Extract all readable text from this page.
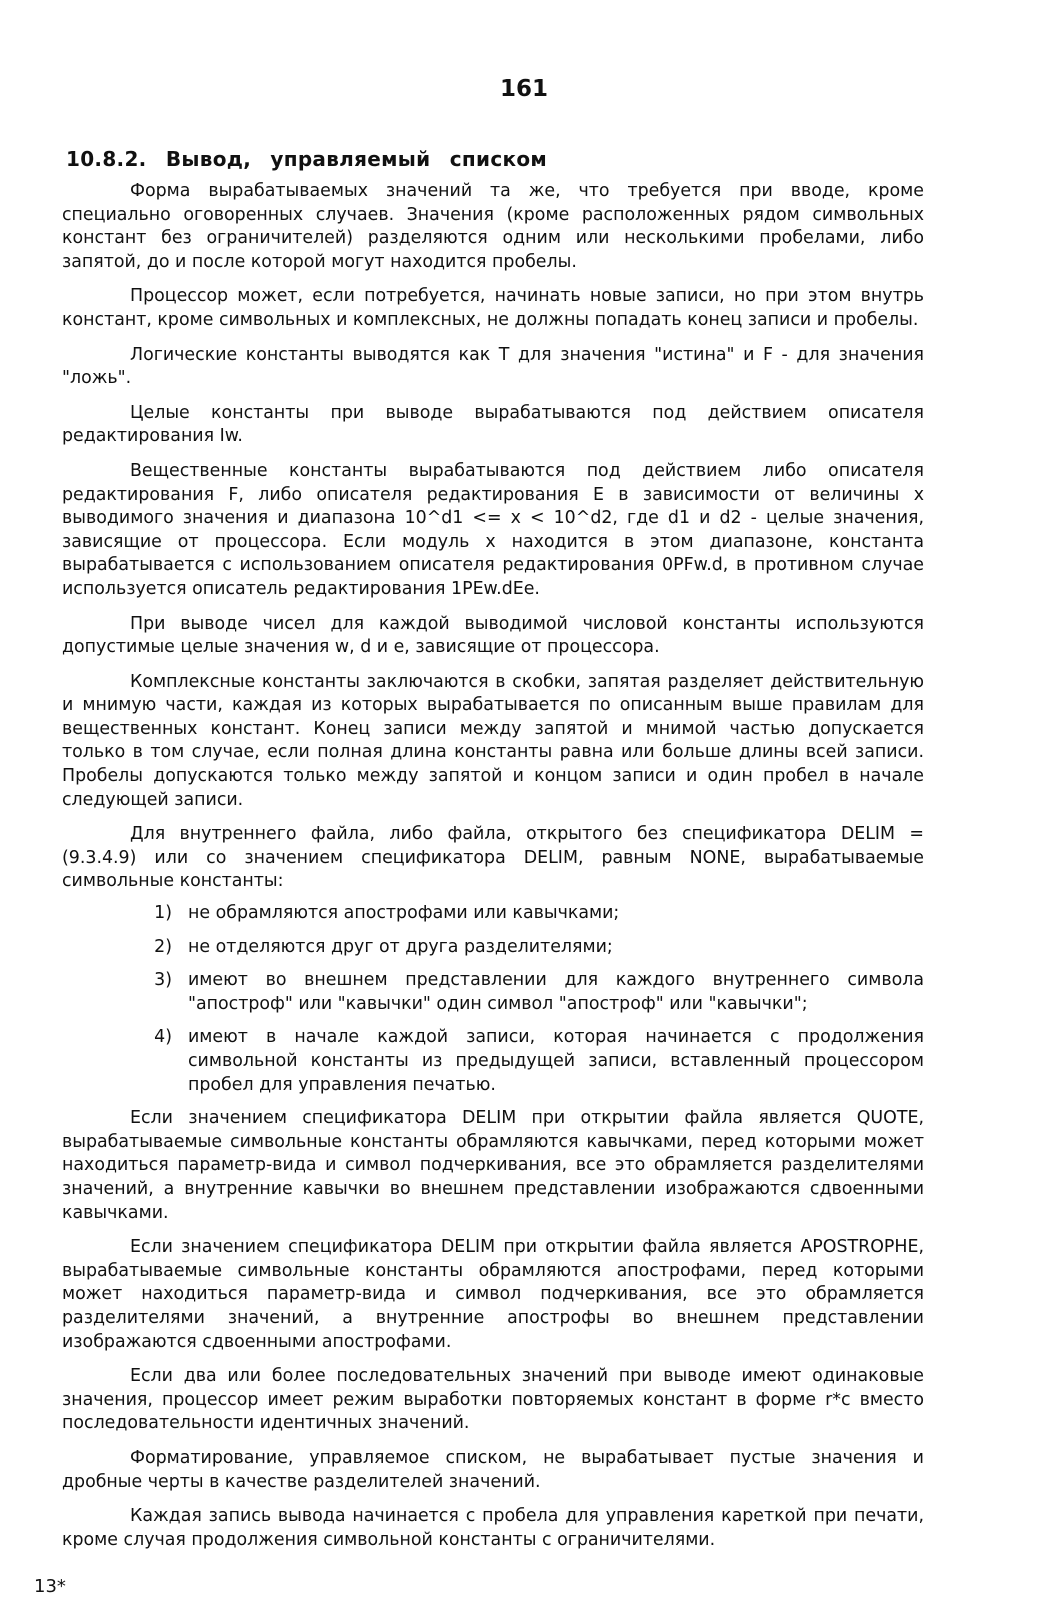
161
10.8.2. Вывод, управляемый списком

Форма вырабатываемых значений та же, что требуется при вводе, кроме специально оговоренных случаев. Значения (кроме расположенных рядом символьных констант без ограничителей) разделяются одним или несколькими пробелами, либо запятой, до и после которой могут находится пробелы.

Процессор может, если потребуется, начинать новые записи, но при этом внутрь констант, кроме символьных и комплексных, не должны попадать конец записи и пробелы.

Логические константы выводятся как T для значения "истина" и F - для значения "ложь".

Целые константы при выводе вырабатываются под действием описателя редактирования Iw.

Вещественные константы вырабатываются под действием либо описателя редактирования F, либо описателя редактирования E в зависимости от величины x выводимого значения и диапазона 10^d1 <= x < 10^d2, где d1 и d2 - целые значения, зависящие от процессора. Если модуль x находится в этом диапазоне, константа вырабатывается с использованием описателя редактирования 0PFw.d, в противном случае используется описатель редактирования 1PEw.dEe.

При выводе чисел для каждой выводимой числовой константы используются допустимые целые значения w, d и e, зависящие от процессора.

Комплексные константы заключаются в скобки, запятая разделяет действительную и мнимую части, каждая из которых вырабатывается по описанным выше правилам для вещественных констант. Конец записи между запятой и мнимой частью допускается только в том случае, если полная длина константы равна или больше длины всей записи. Пробелы допускаются только между запятой и концом записи и один пробел в начале следующей записи.

Для внутреннего файла, либо файла, открытого без спецификатора DELIM = (9.3.4.9) или со значением спецификатора DELIM, равным NONE, вырабатываемые символьные константы:

1) не обрамляются апострофами или кавычками;
2) не отделяются друг от друга разделителями;
3) имеют во внешнем представлении для каждого внутреннего символа "апостроф" или "кавычки" один символ "апостроф" или "кавычки";
4) имеют в начале каждой записи, которая начинается с продолжения символьной константы из предыдущей записи, вставленный процессором пробел для управления печатью.

Если значением спецификатора DELIM при открытии файла является QUOTE, вырабатываемые символьные константы обрамляются кавычками, перед которыми может находиться параметр-вида и символ подчеркивания, все это обрамляется разделителями значений, а внутренние кавычки во внешнем представлении изображаются сдвоенными кавычками.

Если значением спецификатора DELIM при открытии файла является APOSTROPHE, вырабатываемые символьные константы обрамляются апострофами, перед которыми может находиться параметр-вида и символ подчеркивания, все это обрамляется разделителями значений, а внутренние апострофы во внешнем представлении изображаются сдвоенными апострофами.

Если два или более последовательных значений при выводе имеют одинаковые значения, процессор имеет режим выработки повторяемых констант в форме r*c вместо последовательности идентичных значений.

Форматирование, управляемое списком, не вырабатывает пустые значения и дробные черты в качестве разделителей значений.

Каждая запись вывода начинается с пробела для управления кареткой при печати, кроме случая продолжения символьной константы с ограничителями.

13*
